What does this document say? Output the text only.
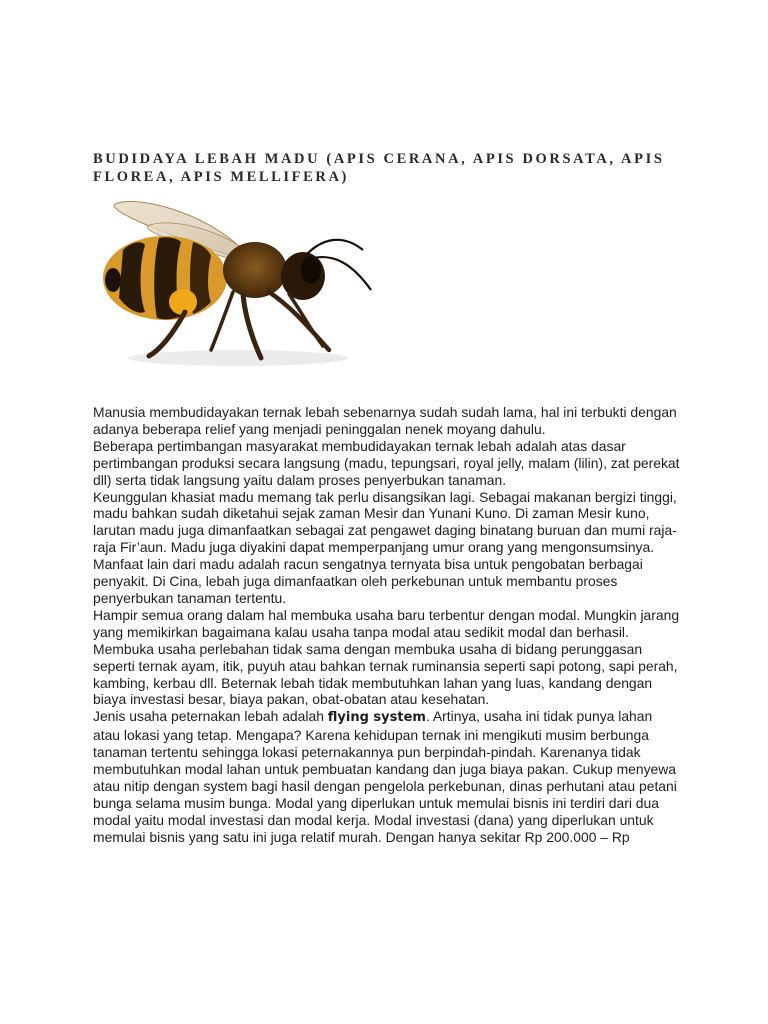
BUDIDAYA LEBAH MADU (APIS CERANA, APIS DORSATA, APIS FLOREA, APIS MELLIFERA)

Manusia membudidayakan ternak lebah sebenarnya sudah sudah lama, hal ini terbukti dengan adanya beberapa relief yang menjadi peninggalan nenek moyang dahulu.

Beberapa pertimbangan masyarakat membudidayakan ternak lebah adalah atas dasar pertimbangan produksi secara langsung (madu, tepungsari, royal jelly, malam (lilin), zat perekat dll) serta tidak langsung yaitu dalam proses penyerbukan tanaman.

Keunggulan khasiat madu memang tak perlu disangsikan lagi. Sebagai makanan bergizi tinggi, madu bahkan sudah diketahui sejak zaman Mesir dan Yunani Kuno. Di zaman Mesir kuno, larutan madu juga dimanfaatkan sebagai zat pengawet daging binatang buruan dan mumi raja-raja Fir’aun. Madu juga diyakini dapat memperpanjang umur orang yang mengonsumsinya. Manfaat lain dari madu adalah racun sengatnya ternyata bisa untuk pengobatan berbagai penyakit. Di Cina, lebah juga dimanfaatkan oleh perkebunan untuk membantu proses penyerbukan tanaman tertentu.

Hampir semua orang dalam hal membuka usaha baru terbentur dengan modal. Mungkin jarang yang memikirkan bagaimana kalau usaha tanpa modal atau sedikit modal dan berhasil. Membuka usaha perlebahan tidak sama dengan membuka usaha di bidang perunggasan seperti ternak ayam, itik, puyuh atau bahkan ternak ruminansia seperti sapi potong, sapi perah, kambing, kerbau dll. Beternak lebah tidak membutuhkan lahan yang luas, kandang dengan biaya investasi besar, biaya pakan, obat-obatan atau kesehatan.

Jenis usaha peternakan lebah adalah flying system. Artinya, usaha ini tidak punya lahan atau lokasi yang tetap. Mengapa? Karena kehidupan ternak ini mengikuti musim berbunga tanaman tertentu sehingga lokasi peternakannya pun berpindah-pindah. Karenanya tidak membutuhkan modal lahan untuk pembuatan kandang dan juga biaya pakan. Cukup menyewa atau nitip dengan system bagi hasil dengan pengelola perkebunan, dinas perhutani atau petani bunga selama musim bunga. Modal yang diperlukan untuk memulai bisnis ini terdiri dari dua modal yaitu modal investasi dan modal kerja. Modal investasi (dana) yang diperlukan untuk memulai bisnis yang satu ini juga relatif murah. Dengan hanya sekitar Rp 200.000 – Rp
